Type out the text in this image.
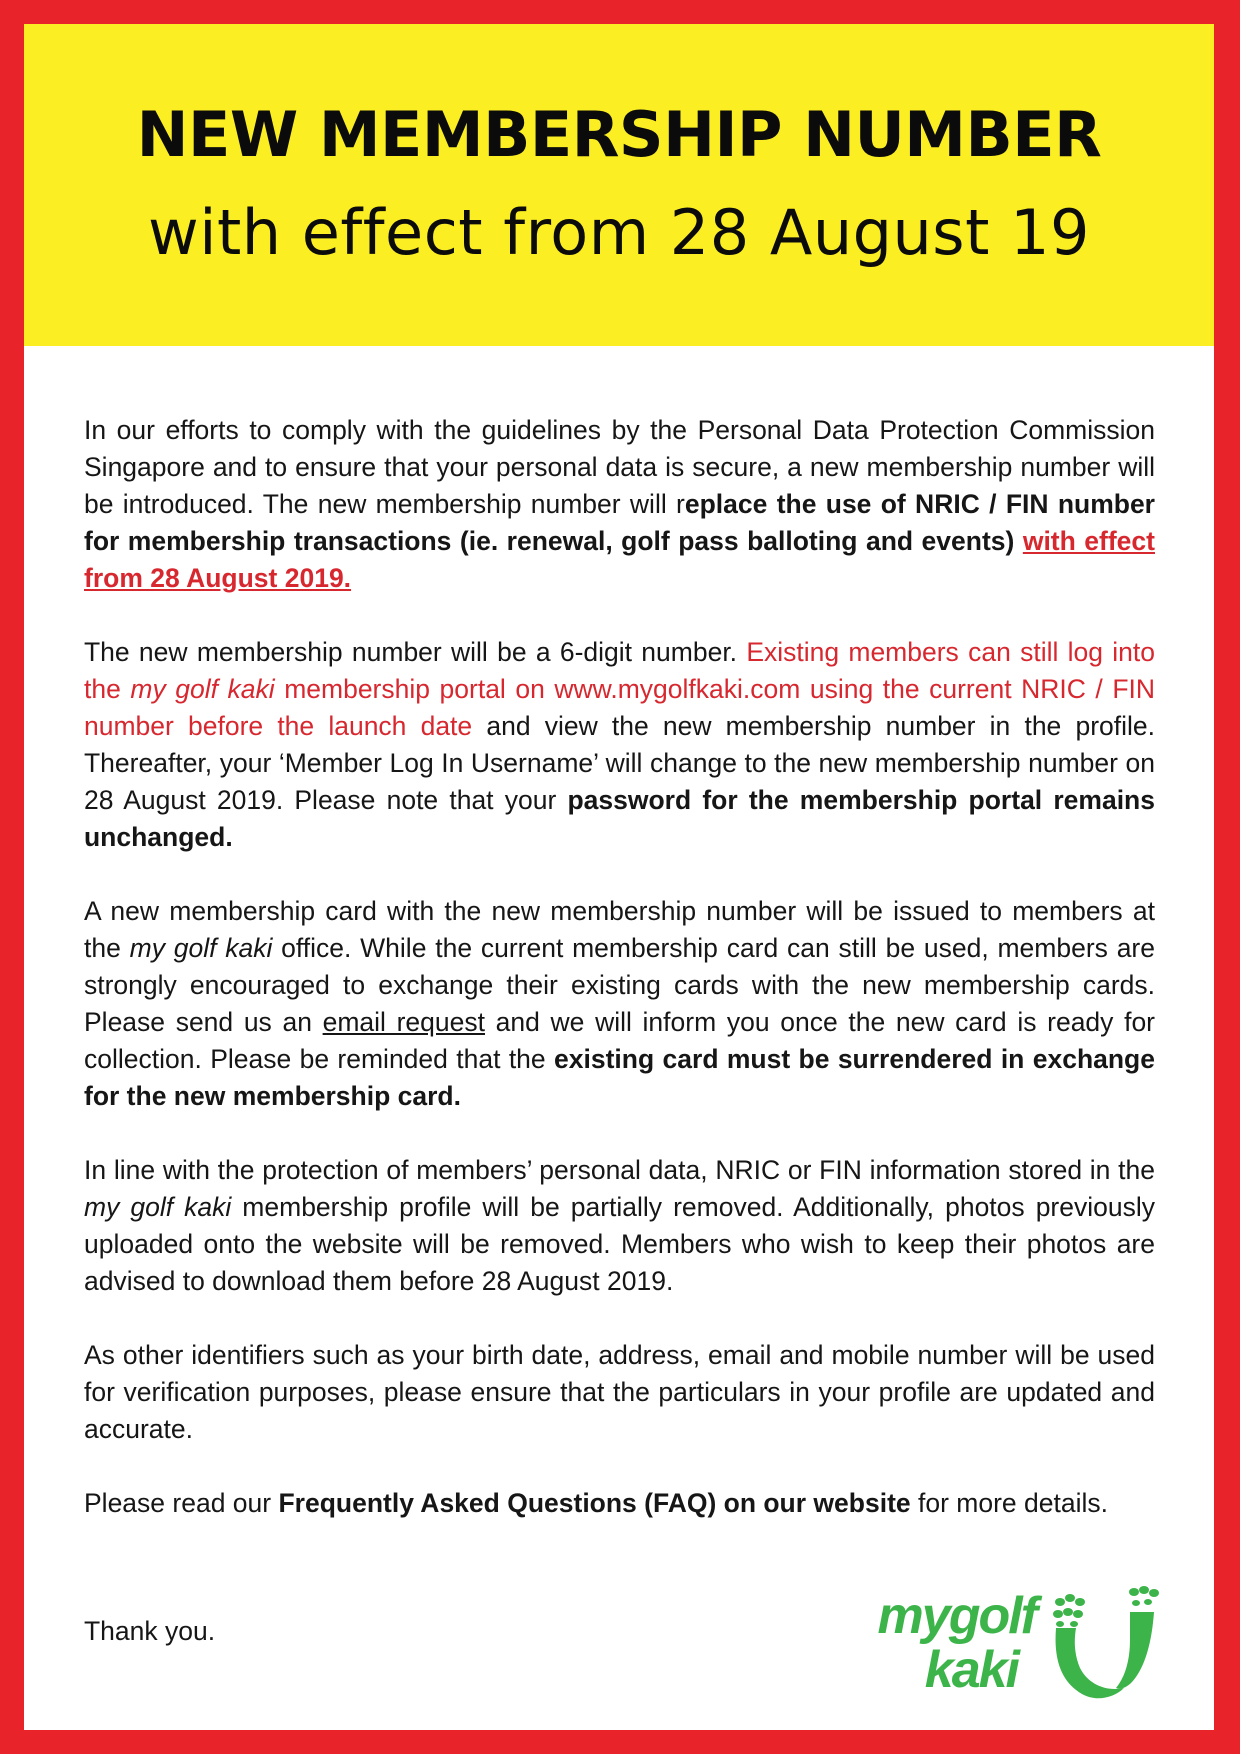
NEW MEMBERSHIP NUMBER
with effect from 28 August 19

In our efforts to comply with the guidelines by the Personal Data Protection Commission Singapore and to ensure that your personal data is secure, a new membership number will be introduced. The new membership number will replace the use of NRIC / FIN number for membership transactions (ie. renewal, golf pass balloting and events) with effect from 28 August 2019.

The new membership number will be a 6-digit number. Existing members can still log into the my golf kaki membership portal on www.mygolfkaki.com using the current NRIC / FIN number before the launch date and view the new membership number in the profile. Thereafter, your ‘Member Log In Username’ will change to the new membership number on 28 August 2019. Please note that your password for the membership portal remains unchanged.

A new membership card with the new membership number will be issued to members at the my golf kaki office. While the current membership card can still be used, members are strongly encouraged to exchange their existing cards with the new membership cards. Please send us an email request and we will inform you once the new card is ready for collection. Please be reminded that the existing card must be surrendered in exchange for the new membership card.

In line with the protection of members’ personal data, NRIC or FIN information stored in the my golf kaki membership profile will be partially removed. Additionally, photos previously uploaded onto the website will be removed. Members who wish to keep their photos are advised to download them before 28 August 2019.

As other identifiers such as your birth date, address, email and mobile number will be used for verification purposes, please ensure that the particulars in your profile are updated and accurate.

Please read our Frequently Asked Questions (FAQ) on our website for more details.

Thank you.	mygolf
kaki
